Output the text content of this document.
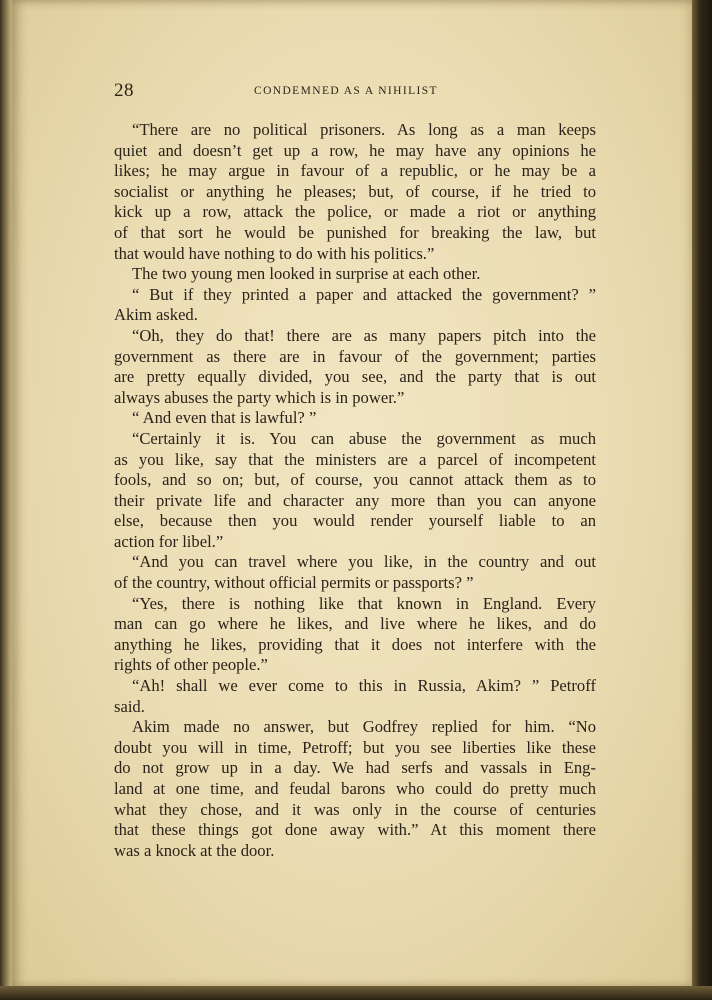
28	CONDEMNED AS A NIHILIST
“There are no political prisoners. As long as a man keeps
quiet and doesn’t get up a row, he may have any opinions he
likes; he may argue in favour of a republic, or he may be a
socialist or anything he pleases; but, of course, if he tried to
kick up a row, attack the police, or made a riot or anything
of that sort he would be punished for breaking the law, but
that would have nothing to do with his politics.”
The two young men looked in surprise at each other.
“ But if they printed a paper and attacked the government? ”
Akim asked.
“Oh, they do that! there are as many papers pitch into the
government as there are in favour of the government; parties
are pretty equally divided, you see, and the party that is out
always abuses the party which is in power.”
“ And even that is lawful? ”
“Certainly it is. You can abuse the government as much
as you like, say that the ministers are a parcel of incompetent
fools, and so on; but, of course, you cannot attack them as to
their private life and character any more than you can anyone
else, because then you would render yourself liable to an
action for libel.”
“And you can travel where you like, in the country and out
of the country, without official permits or passports? ”
“Yes, there is nothing like that known in England. Every
man can go where he likes, and live where he likes, and do
anything he likes, providing that it does not interfere with the
rights of other people.”
“Ah! shall we ever come to this in Russia, Akim? ” Petroff
said.
Akim made no answer, but Godfrey replied for him. “No
doubt you will in time, Petroff; but you see liberties like these
do not grow up in a day. We had serfs and vassals in Eng-
land at one time, and feudal barons who could do pretty much
what they chose, and it was only in the course of centuries
that these things got done away with.” At this moment there
was a knock at the door.
